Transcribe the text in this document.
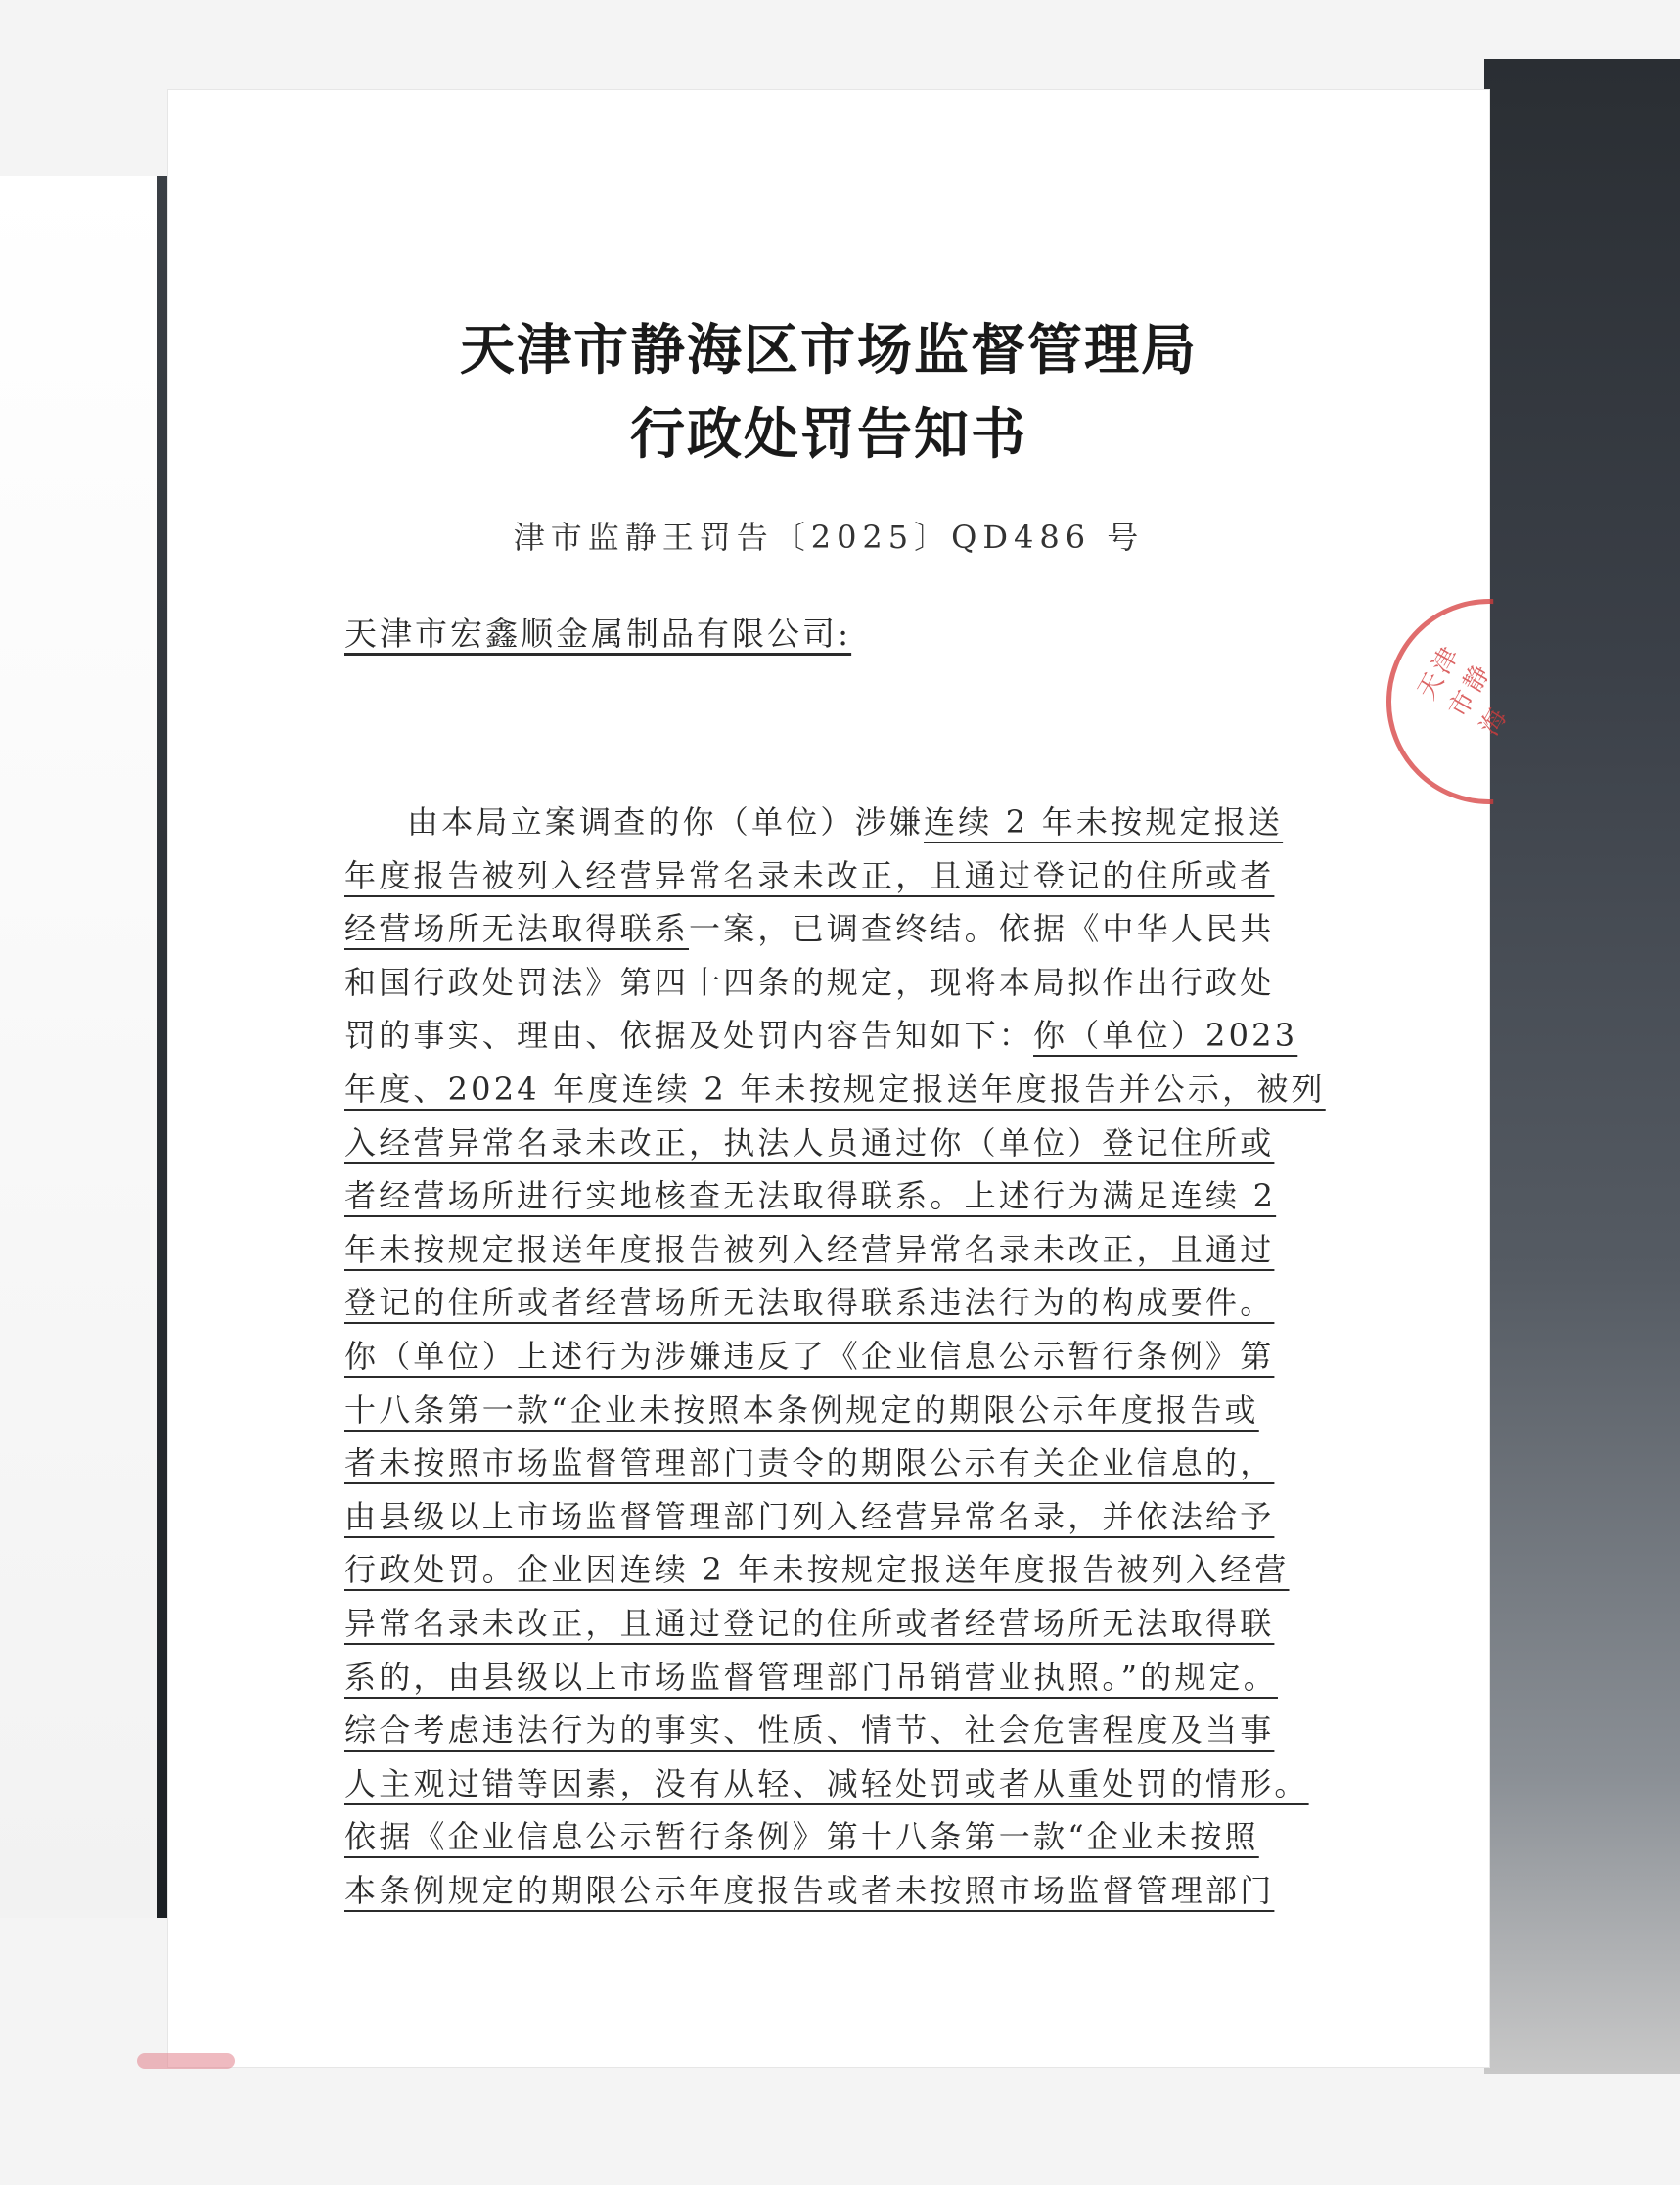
天津市静海区市场监督管理局
行政处罚告知书
津市监静王罚告〔2025〕QD486 号
天津市宏鑫顺金属制品有限公司:
由本局立案调查的你（单位）涉嫌连续 2 年未按规定报送
年度报告被列入经营异常名录未改正，且通过登记的住所或者
经营场所无法取得联系一案，已调查终结。依据《中华人民共
和国行政处罚法》第四十四条的规定，现将本局拟作出行政处
罚的事实、理由、依据及处罚内容告知如下：你（单位）2023
年度、2024 年度连续 2 年未按规定报送年度报告并公示，被列
入经营异常名录未改正，执法人员通过你（单位）登记住所或
者经营场所进行实地核查无法取得联系。上述行为满足连续 2
年未按规定报送年度报告被列入经营异常名录未改正，且通过
登记的住所或者经营场所无法取得联系违法行为的构成要件。
你（单位）上述行为涉嫌违反了《企业信息公示暂行条例》第
十八条第一款“企业未按照本条例规定的期限公示年度报告或
者未按照市场监督管理部门责令的期限公示有关企业信息的，
由县级以上市场监督管理部门列入经营异常名录，并依法给予
行政处罚。企业因连续 2 年未按规定报送年度报告被列入经营
异常名录未改正，且通过登记的住所或者经营场所无法取得联
系的，由县级以上市场监督管理部门吊销营业执照。”的规定。
综合考虑违法行为的事实、性质、情节、社会危害程度及当事
人主观过错等因素，没有从轻、减轻处罚或者从重处罚的情形。
依据《企业信息公示暂行条例》第十八条第一款“企业未按照
本条例规定的期限公示年度报告或者未按照市场监督管理部门
天津市静海
